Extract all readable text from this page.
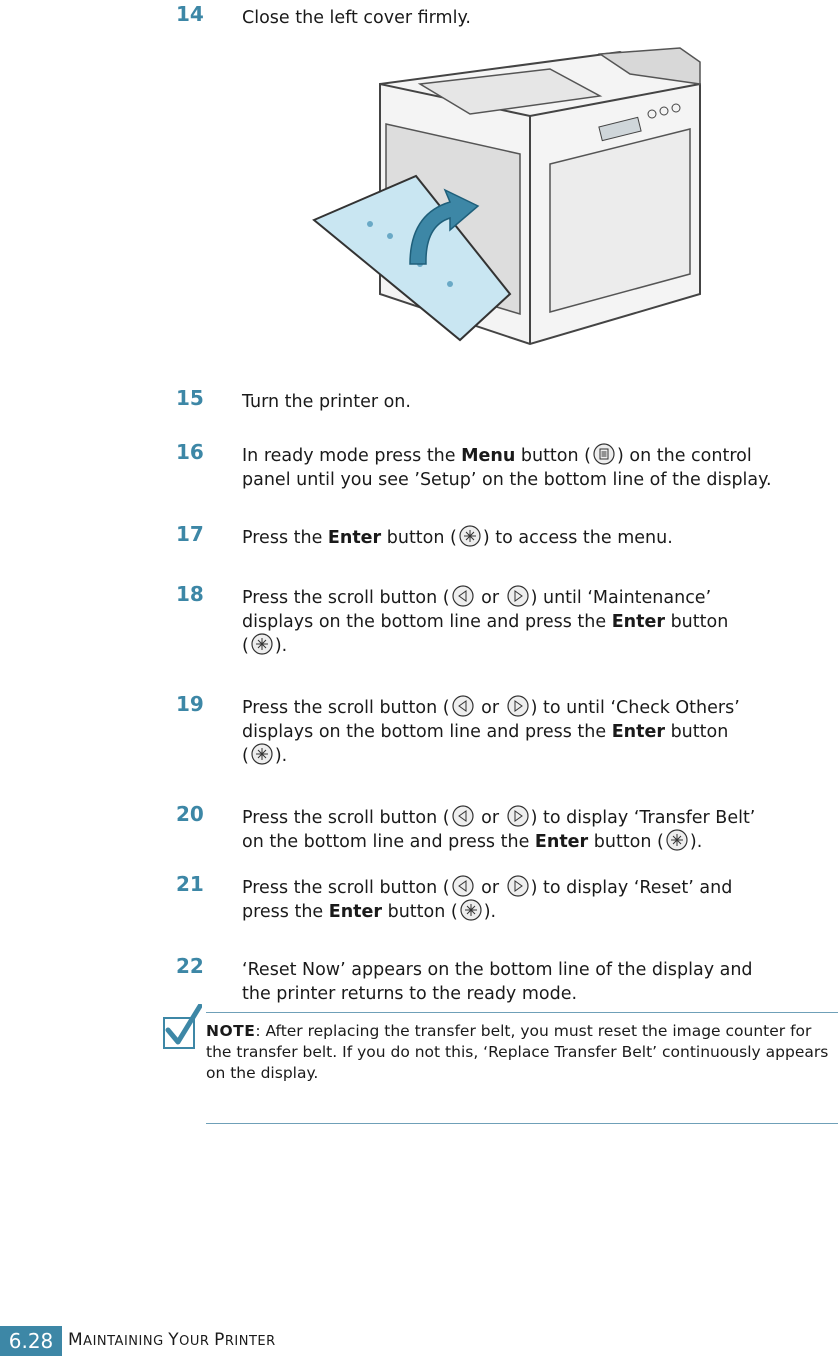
14	Close the left cover firmly.
15	Turn the printer on.
16	In ready mode press the Menu button ( ) on the control
panel until you see ’Setup’ on the bottom line of the display.
17	Press the Enter button ( ) to access the menu.
18	Press the scroll button ( or ) until ‘Maintenance’
displays on the bottom line and press the Enter button
( ).
19	Press the scroll button ( or ) to until ‘Check Others’
displays on the bottom line and press the Enter button
( ).
20	Press the scroll button ( or ) to display ‘Transfer Belt’
on the bottom line and press the Enter button ( ).
21	Press the scroll button ( or ) to display ‘Reset’ and
press the Enter button ( ).
22	‘Reset Now’ appears on the bottom line of the display and
the printer returns to the ready mode.
NOTE: After replacing the transfer belt, you must reset the image counter for the transfer belt. If you do not this, ‘Replace Transfer Belt’ continuously appears on the display.
6.28 MAINTAINING YOUR PRINTER
